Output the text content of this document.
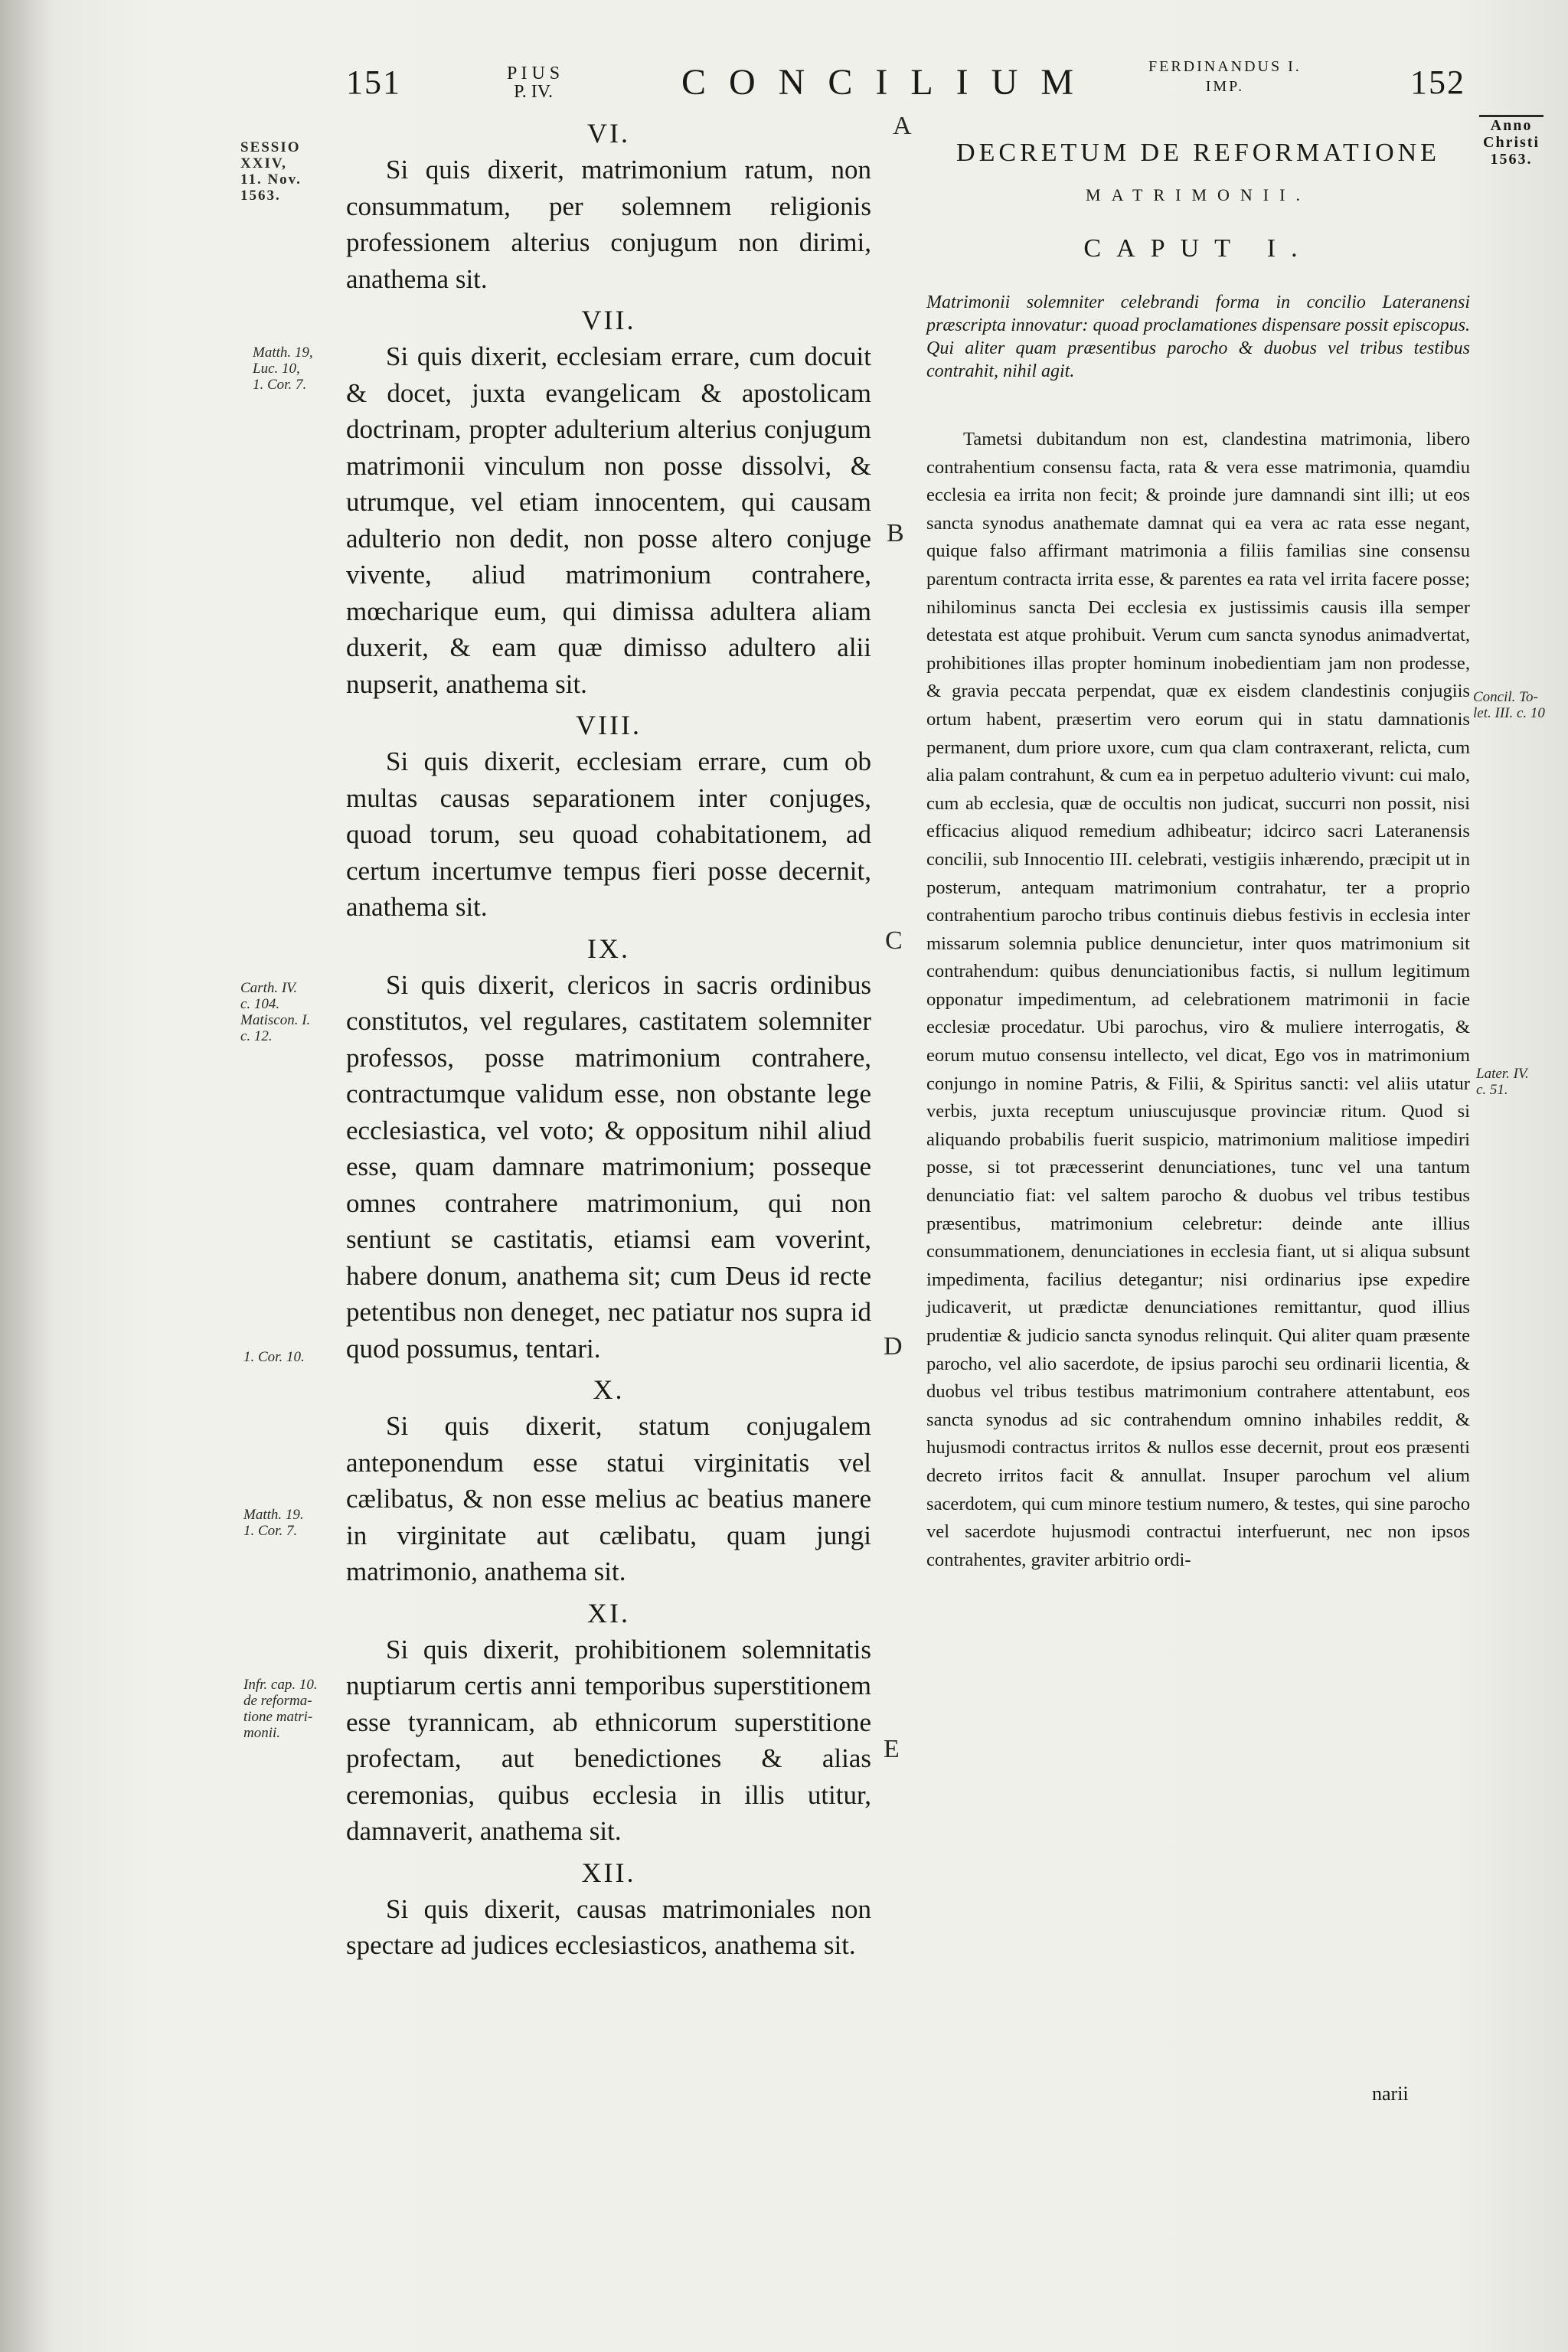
151	P I U S
P. IV.	CONCILIUM	FERDINANDUS I.
IMP.	152
SESSIO
XXIV,
11. Nov.
1563.
Matth. 19,
Luc. 10,
1. Cor. 7.
Carth. IV.
c. 104.
Matiscon. I.
c. 12.
1. Cor. 10.
Matth. 19.
1. Cor. 7.
Infr. cap. 10.
de reforma-
tione matri-
monii.
A
B
C
D
E
VI.

Si quis dixerit, matrimonium ratum, non consummatum, per solemnem religionis professionem alterius conjugum non dirimi, anathema sit.

VII.

Si quis dixerit, ecclesiam errare, cum docuit & docet, juxta evangelicam & apostolicam doctrinam, propter adulterium alterius conjugum matrimonii vinculum non posse dissolvi, & utrumque, vel etiam innocentem, qui causam adulterio non dedit, non posse altero conjuge vivente, aliud matrimonium contrahere, mœcharique eum, qui dimissa adultera aliam duxerit, & eam quæ dimisso adultero alii nupserit, anathema sit.

VIII.

Si quis dixerit, ecclesiam errare, cum ob multas causas separationem inter conjuges, quoad torum, seu quoad cohabitationem, ad certum incertumve tempus fieri posse decernit, anathema sit.

IX.

Si quis dixerit, clericos in sacris ordinibus constitutos, vel regulares, castitatem solemniter professos, posse matrimonium contrahere, contractumque validum esse, non obstante lege ecclesiastica, vel voto; & oppositum nihil aliud esse, quam damnare matrimonium; posseque omnes contrahere matrimonium, qui non sentiunt se castitatis, etiamsi eam voverint, habere donum, anathema sit; cum Deus id recte petentibus non deneget, nec patiatur nos supra id quod possumus, tentari.

X.

Si quis dixerit, statum conjugalem anteponendum esse statui virginitatis vel cælibatus, & non esse melius ac beatius manere in virginitate aut cælibatu, quam jungi matrimonio, anathema sit.

XI.

Si quis dixerit, prohibitionem solemnitatis nuptiarum certis anni temporibus superstitionem esse tyrannicam, ab ethnicorum superstitione profectam, aut benedictiones & alias ceremonias, quibus ecclesia in illis utitur, damnaverit, anathema sit.

XII.

Si quis dixerit, causas matrimoniales non spectare ad judices ecclesiasticos, anathema sit.

DECRETUM DE REFORMATIONE
MATRIMONII.
CAPUT I.

Matrimonii solemniter celebrandi forma in concilio Lateranensi præscripta innovatur: quoad proclamationes dispensare possit episcopus. Qui aliter quam præsentibus parocho & duobus vel tribus testibus contrahit, nihil agit.

Tametsi dubitandum non est, clandestina matrimonia, libero contrahentium consensu facta, rata & vera esse matrimonia, quamdiu ecclesia ea irrita non fecit; & proinde jure damnandi sint illi; ut eos sancta synodus anathemate damnat qui ea vera ac rata esse negant, quique falso affirmant matrimonia a filiis familias sine consensu parentum contracta irrita esse, & parentes ea rata vel irrita facere posse; nihilominus sancta Dei ecclesia ex justissimis causis illa semper detestata est atque prohibuit. Verum cum sancta synodus animadvertat, prohibitiones illas propter hominum inobedientiam jam non prodesse, & gravia peccata perpendat, quæ ex eisdem clandestinis conjugiis ortum habent, præsertim vero eorum qui in statu damnationis permanent, dum priore uxore, cum qua clam contraxerant, relicta, cum alia palam contrahunt, & cum ea in perpetuo adulterio vivunt: cui malo, cum ab ecclesia, quæ de occultis non judicat, succurri non possit, nisi efficacius aliquod remedium adhibeatur; idcirco sacri Lateranensis concilii, sub Innocentio III. celebrati, vestigiis inhærendo, præcipit ut in posterum, antequam matrimonium contrahatur, ter a proprio contrahentium parocho tribus continuis diebus festivis in ecclesia inter missarum solemnia publice denuncietur, inter quos matrimonium sit contrahendum: quibus denunciationibus factis, si nullum legitimum opponatur impedimentum, ad celebrationem matrimonii in facie ecclesiæ procedatur. Ubi parochus, viro & muliere interrogatis, & eorum mutuo consensu intellecto, vel dicat, Ego vos in matrimonium conjungo in nomine Patris, & Filii, & Spiritus sancti: vel aliis utatur verbis, juxta receptum uniuscujusque provinciæ ritum. Quod si aliquando probabilis fuerit suspicio, matrimonium malitiose impediri posse, si tot præcesserint denunciationes, tunc vel una tantum denunciatio fiat: vel saltem parocho & duobus vel tribus testibus præsentibus, matrimonium celebretur: deinde ante illius consummationem, denunciationes in ecclesia fiant, ut si aliqua subsunt impedimenta, facilius detegantur; nisi ordinarius ipse expedire judicaverit, ut prædictæ denunciationes remittantur, quod illius prudentiæ & judicio sancta synodus relinquit. Qui aliter quam præsente parocho, vel alio sacerdote, de ipsius parochi seu ordinarii licentia, & duobus vel tribus testibus matrimonium contrahere attentabunt, eos sancta synodus ad sic contrahendum omnino inhabiles reddit, & hujusmodi contractus irritos & nullos esse decernit, prout eos præsenti decreto irritos facit & annullat. Insuper parochum vel alium sacerdotem, qui cum minore testium numero, & testes, qui sine parocho vel sacerdote hujusmodi contractui interfuerunt, nec non ipsos contrahentes, graviter arbitrio ordi-

narii
Anno
Christi
1563.
Concil. To-
let. III. c. 10
Later. IV.
c. 51.
